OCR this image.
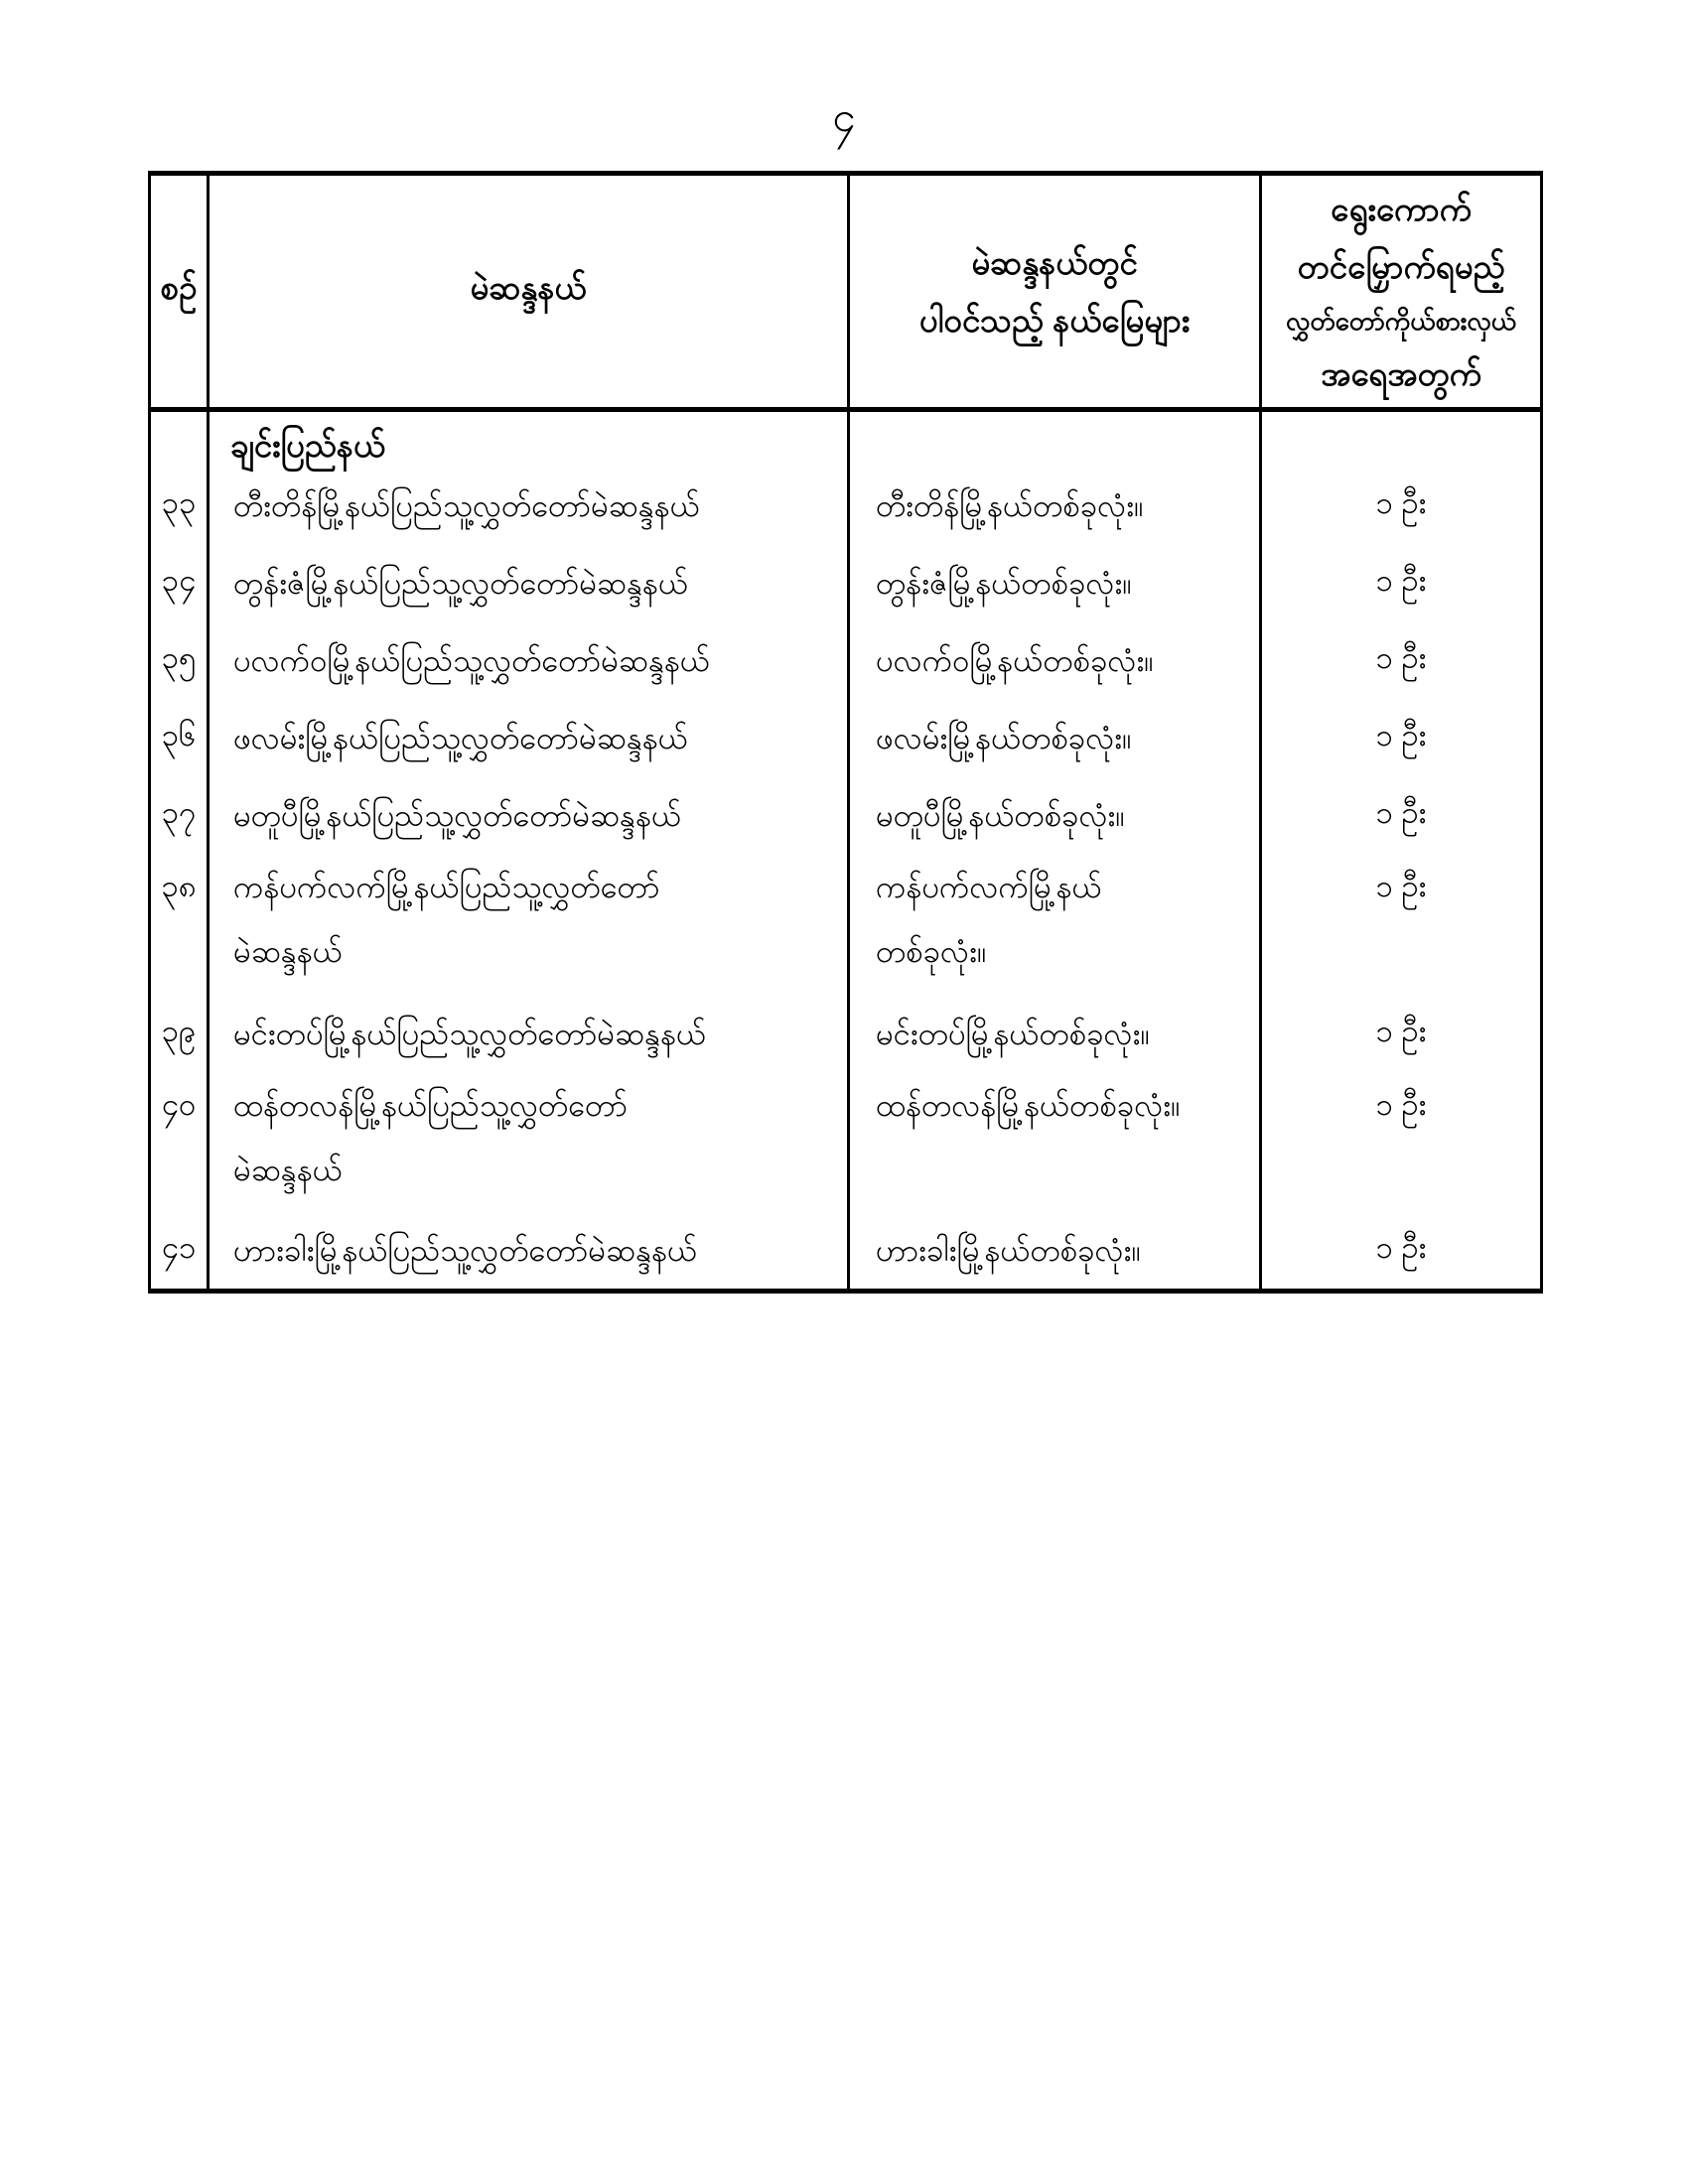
၄
စဉ်	မဲဆန္ဒနယ်	မဲဆန္ဒနယ်တွင်
ပါဝင်သည့် နယ်မြေများ	ရွေးကောက်
တင်မြှောက်ရမည့်
လွှတ်တော်ကိုယ်စားလှယ်
အရေအတွက်

	ချင်းပြည်နယ်		
၃၃	တီးတိန်မြို့နယ်ပြည်သူ့လွှတ်တော်မဲဆန္ဒနယ်	တီးတိန်မြို့နယ်တစ်ခုလုံး။	၁ ဦး
၃၄	တွန်းဇံမြို့နယ်ပြည်သူ့လွှတ်တော်မဲဆန္ဒနယ်	တွန်းဇံမြို့နယ်တစ်ခုလုံး။	၁ ဦး
၃၅	ပလက်ဝမြို့နယ်ပြည်သူ့လွှတ်တော်မဲဆန္ဒနယ်	ပလက်ဝမြို့နယ်တစ်ခုလုံး။	၁ ဦး
၃၆	ဖလမ်းမြို့နယ်ပြည်သူ့လွှတ်တော်မဲဆန္ဒနယ်	ဖလမ်းမြို့နယ်တစ်ခုလုံး။	၁ ဦး
၃၇	မတူပီမြို့နယ်ပြည်သူ့လွှတ်တော်မဲဆန္ဒနယ်	မတူပီမြို့နယ်တစ်ခုလုံး။	၁ ဦး
၃၈	ကန်ပက်လက်မြို့နယ်ပြည်သူ့လွှတ်တော်
မဲဆန္ဒနယ်	ကန်ပက်လက်မြို့နယ်
တစ်ခုလုံး။	၁ ဦး
၃၉	မင်းတပ်မြို့နယ်ပြည်သူ့လွှတ်တော်မဲဆန္ဒနယ်	မင်းတပ်မြို့နယ်တစ်ခုလုံး။	၁ ဦး
၄၀	ထန်တလန်မြို့နယ်ပြည်သူ့လွှတ်တော်
မဲဆန္ဒနယ်	ထန်တလန်မြို့နယ်တစ်ခုလုံး။	၁ ဦး
၄၁	ဟားခါးမြို့နယ်ပြည်သူ့လွှတ်တော်မဲဆန္ဒနယ်	ဟားခါးမြို့နယ်တစ်ခုလုံး။	၁ ဦး
